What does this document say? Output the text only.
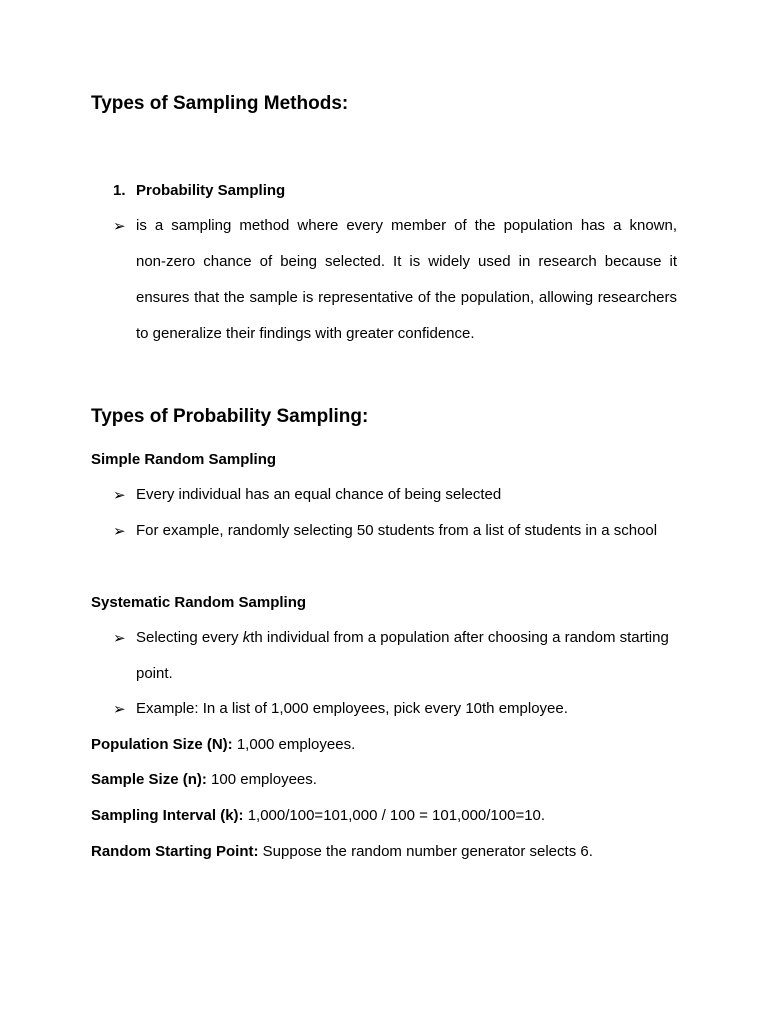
Types of Sampling Methods:
1. Probability Sampling
➢ is a sampling method where every member of the population has a known,
non-zero chance of being selected. It is widely used in research because it
ensures that the sample is representative of the population, allowing researchers
to generalize their findings with greater confidence.
Types of Probability Sampling:
Simple Random Sampling
➢ Every individual has an equal chance of being selected
➢ For example, randomly selecting 50 students from a list of students in a school
Systematic Random Sampling
➢ Selecting every kth individual from a population after choosing a random starting
point.
➢ Example: In a list of 1,000 employees, pick every 10th employee.
Population Size (N): 1,000 employees.
Sample Size (n): 100 employees.
Sampling Interval (k): 1,000/100=101,000 / 100 = 101,000/100=10.
Random Starting Point: Suppose the random number generator selects 6.
